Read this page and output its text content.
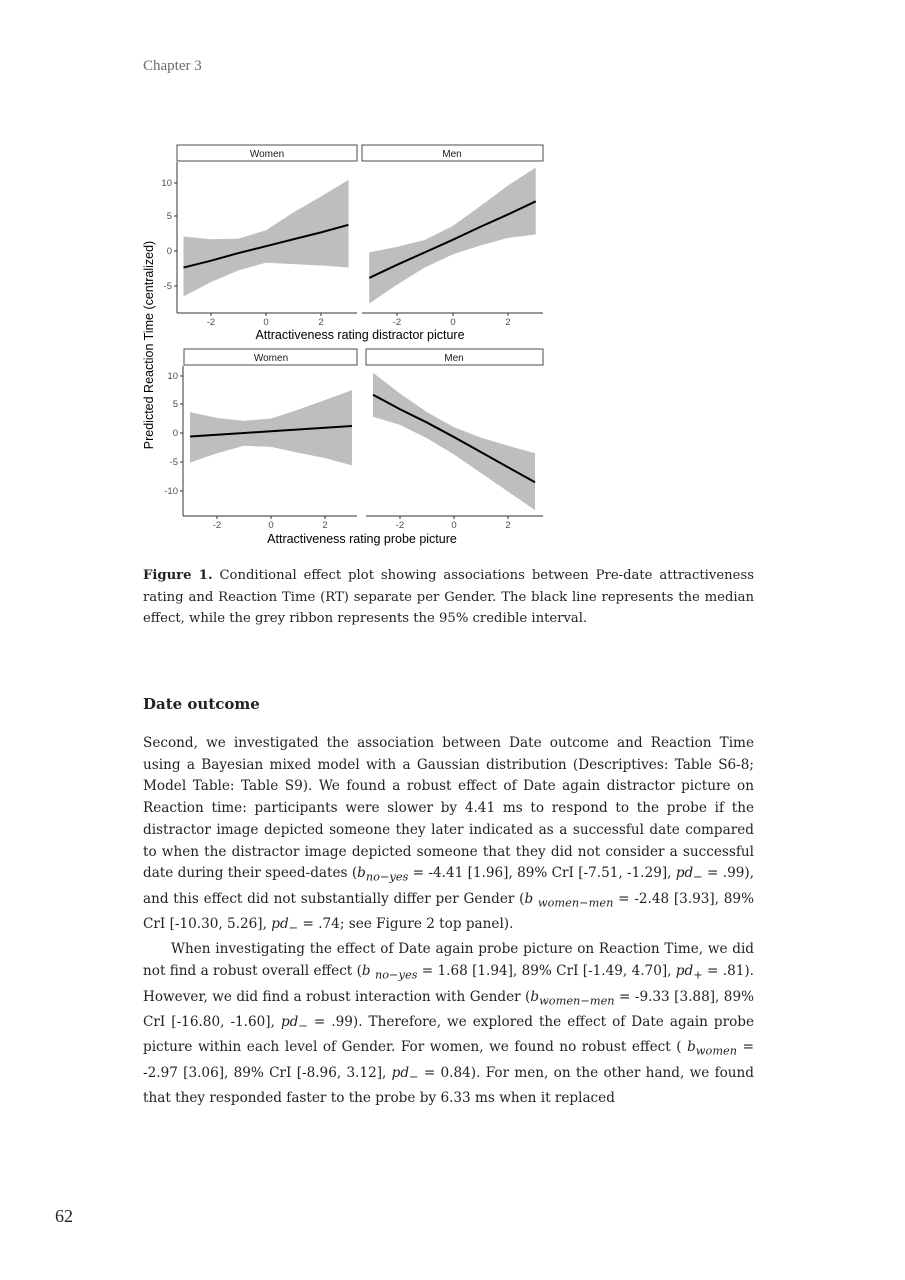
Chapter 3
Predicted Reaction Time (centralized)
Women	Men
10
5
0
-5
-2	0	2	-2	0	2
Attractiveness rating distractor picture
Women	Men
10
5
0
-5
-10
-2	0	2	-2	0	2
Attractiveness rating probe picture
Figure 1. Conditional effect plot showing associations between Pre-date attractiveness rating and Reaction Time (RT) separate per Gender. The black line represents the median effect, while the grey ribbon represents the 95% credible interval.
Date outcome

Second, we investigated the association between Date outcome and Reaction Time using a Bayesian mixed model with a Gaussian distribution (Descriptives: Table S6-8; Model Table: Table S9). We found a robust effect of Date again distractor picture on Reaction time: participants were slower by 4.41 ms to respond to the probe if the distractor image depicted someone they later indicated as a successful date compared to when the distractor image depicted someone that they did not consider a successful date during their speed-dates ($b_{no-yes} = -4.41$ [1.96], 89% CrI [-7.51, -1.29], $pd_- = .99$), and this effect did not substantially differ per Gender (b $_{women-men}$ = -2.48 [3.93], 89% CrI [-10.30, 5.26], $pd_- = .74$; see Figure 2 top panel).

When investigating the effect of Date again probe picture on Reaction Time, we did not find a robust overall effect (b $_{no-yes}$ = 1.68 [1.94], 89% CrI [-1.49, 4.70], $pd_+ = .81$). However, we did find a robust interaction with Gender ($b_{women-men} = -9.33$ [3.88], 89% CrI [-16.80, -1.60], $pd_- = .99$). Therefore, we explored the effect of Date again probe picture within each level of Gender. For women, we found no robust effect ( $b_{women} = -2.97$ [3.06], 89% CrI [-8.96, 3.12], $pd_- = 0.84$). For men, on the other hand, we found that they responded faster to the probe by 6.33 ms when it replaced

62
